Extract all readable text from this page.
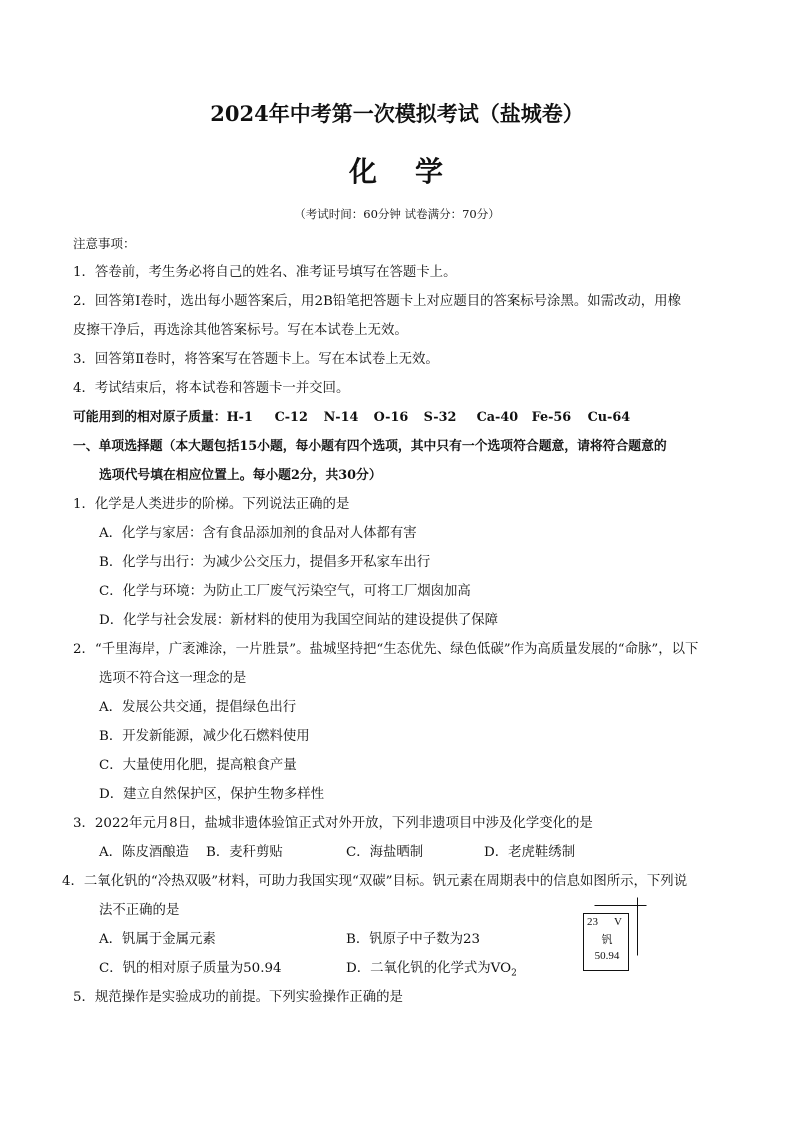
2024年中考第一次模拟考试（盐城卷）
化 学
（考试时间：60分钟 试卷满分：70分）
注意事项：
1．答卷前，考生务必将自己的姓名、准考证号填写在答题卡上。
2．回答第Ⅰ卷时，选出每小题答案后，用2B铅笔把答题卡上对应题目的答案标号涂黑。如需改动，用橡
皮擦干净后，再选涂其他答案标号。写在本试卷上无效。
3．回答第Ⅱ卷时，将答案写在答题卡上。写在本试卷上无效。
4．考试结束后，将本试卷和答题卡一并交回。
可能用到的相对原子质量：H-1 C-12 N-14 O-16 S-32 Ca-40 Fe-56 Cu-64
一、单项选择题（本大题包括15小题，每小题有四个选项，其中只有一个选项符合题意，请将符合题意的
选项代号填在相应位置上。每小题2分，共30分）
1．化学是人类进步的阶梯。下列说法正确的是
A．化学与家居：含有食品添加剂的食品对人体都有害
B．化学与出行：为减少公交压力，提倡多开私家车出行
C．化学与环境：为防止工厂废气污染空气，可将工厂烟囱加高
D．化学与社会发展：新材料的使用为我国空间站的建设提供了保障
2．“千里海岸，广袤滩涂，一片胜景”。盐城坚持把“生态优先、绿色低碳”作为高质量发展的“命脉”，以下
选项不符合这一理念的是
A．发展公共交通，提倡绿色出行
B．开发新能源，减少化石燃料使用
C．大量使用化肥，提高粮食产量
D．建立自然保护区，保护生物多样性
3．2022年元月8日，盐城非遗体验馆正式对外开放，下列非遗项目中涉及化学变化的是
A．陈皮酒酿造 B．麦秆剪贴	C．海盐晒制	D．老虎鞋绣制
4．二氧化钒的“冷热双吸”材料，可助力我国实现“双碳”目标。钒元素在周期表中的信息如图所示，下列说
法不正确的是
A．钒属于金属元素	B．钒原子中子数为23
C．钒的相对原子质量为50.94	D．二氧化钒的化学式为$VO_2$
23 V
钒
50.94
5．规范操作是实验成功的前提。下列实验操作正确的是
